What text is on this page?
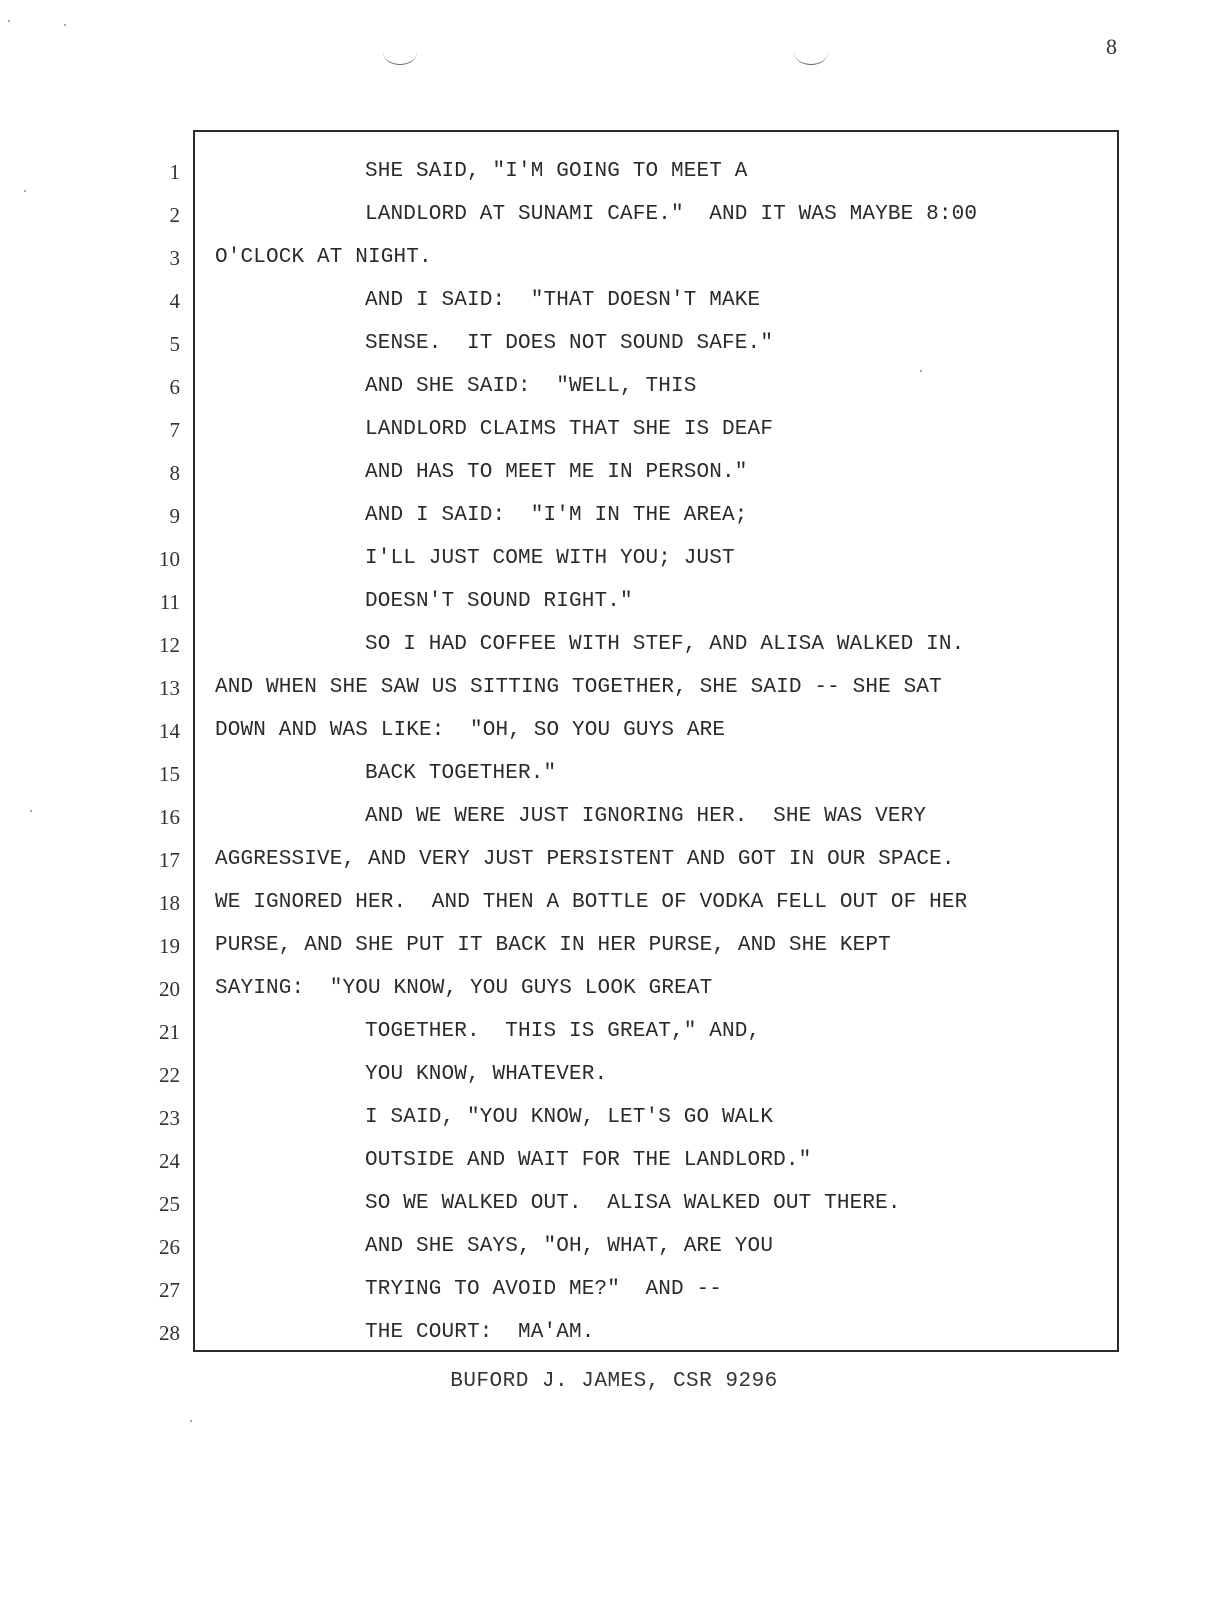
8
1
2
3
4
5
6
7
8
9
10
11
12
13
14
15
16
17
18
19
20
21
22
23
24
25
26
27
28
SHE SAID, "I'M GOING TO MEET A
LANDLORD AT SUNAMI CAFE."  AND IT WAS MAYBE 8:00
O'CLOCK AT NIGHT.
AND I SAID:  "THAT DOESN'T MAKE
SENSE.  IT DOES NOT SOUND SAFE."
AND SHE SAID:  "WELL, THIS
LANDLORD CLAIMS THAT SHE IS DEAF
AND HAS TO MEET ME IN PERSON."
AND I SAID:  "I'M IN THE AREA;
I'LL JUST COME WITH YOU; JUST
DOESN'T SOUND RIGHT."
SO I HAD COFFEE WITH STEF, AND ALISA WALKED IN.
AND WHEN SHE SAW US SITTING TOGETHER, SHE SAID -- SHE SAT
DOWN AND WAS LIKE:  "OH, SO YOU GUYS ARE
BACK TOGETHER."
AND WE WERE JUST IGNORING HER.  SHE WAS VERY
AGGRESSIVE, AND VERY JUST PERSISTENT AND GOT IN OUR SPACE.
WE IGNORED HER.  AND THEN A BOTTLE OF VODKA FELL OUT OF HER
PURSE, AND SHE PUT IT BACK IN HER PURSE, AND SHE KEPT
SAYING:  "YOU KNOW, YOU GUYS LOOK GREAT
TOGETHER.  THIS IS GREAT," AND,
YOU KNOW, WHATEVER.
I SAID, "YOU KNOW, LET'S GO WALK
OUTSIDE AND WAIT FOR THE LANDLORD."
SO WE WALKED OUT.  ALISA WALKED OUT THERE.
AND SHE SAYS, "OH, WHAT, ARE YOU
TRYING TO AVOID ME?"  AND --
THE COURT:  MA'AM.
BUFORD J. JAMES, CSR 9296
